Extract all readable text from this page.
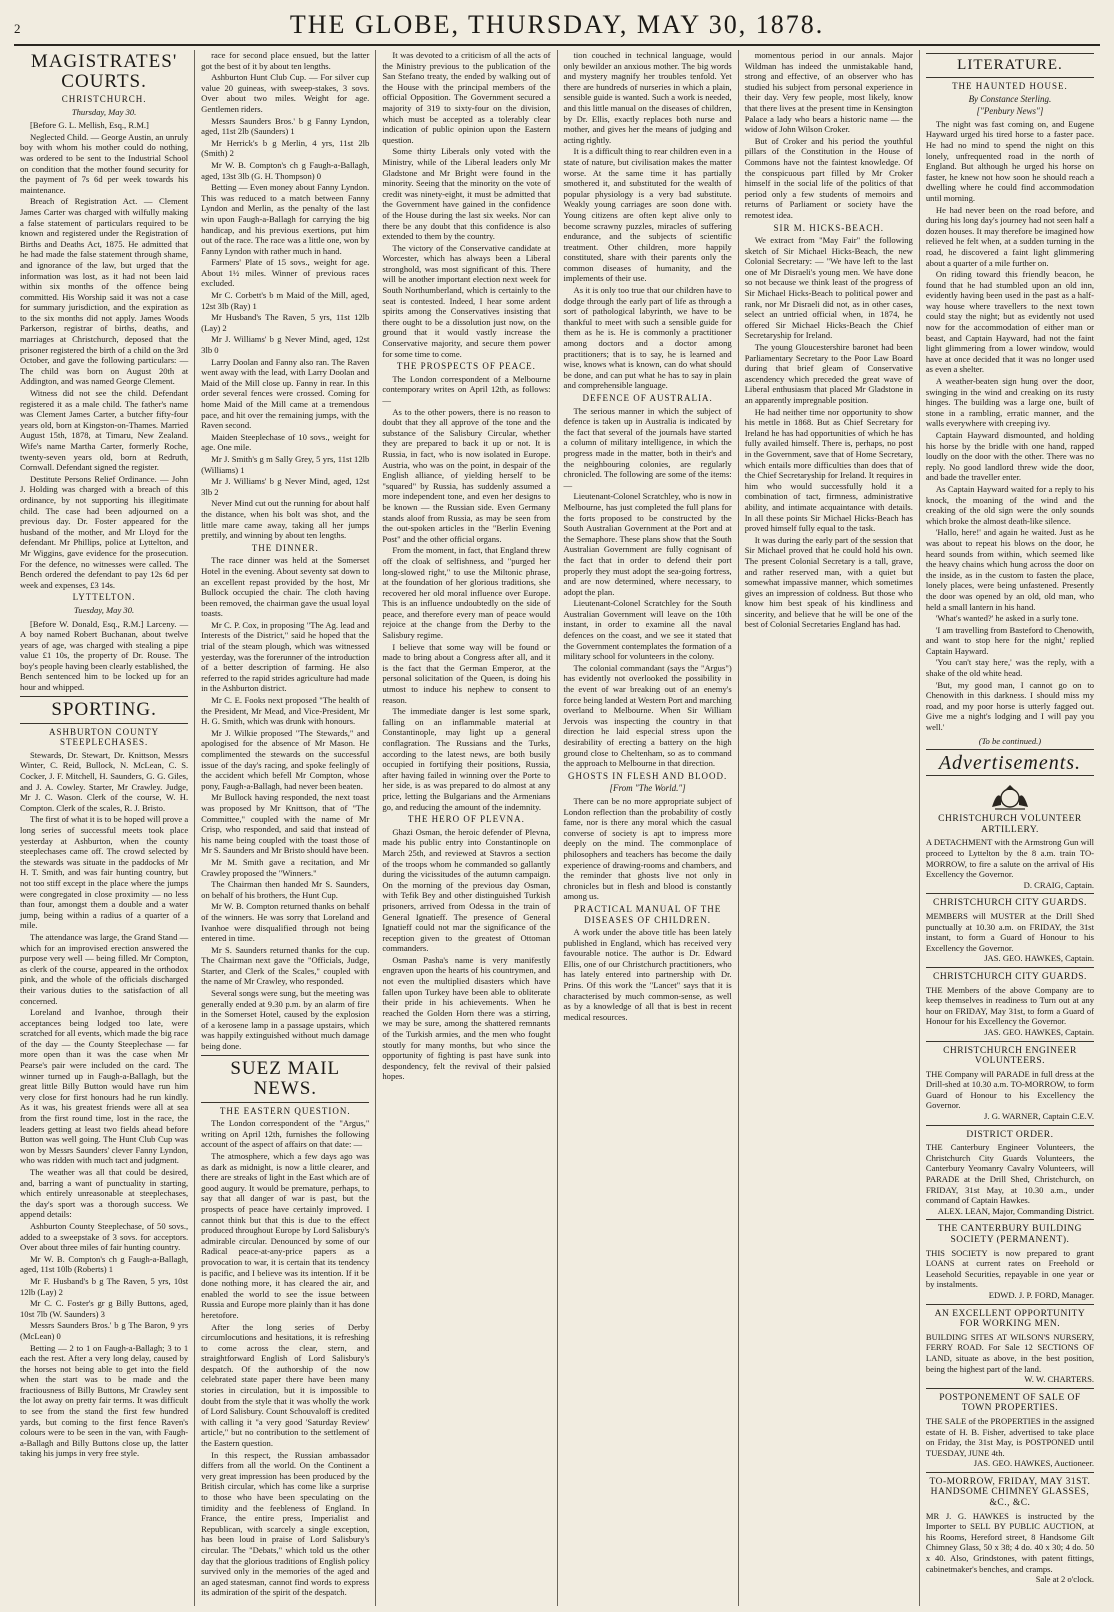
2	THE GLOBE, THURSDAY, MAY 30, 1878.
MAGISTRATES' COURTS.
CHRISTCHURCH.
Thursday, May 30.

[Before G. L. Mellish, Esq., R.M.]

Neglected Child. — George Austin, an unruly boy with whom his mother could do nothing, was ordered to be sent to the Industrial School on condition that the mother found security for the payment of 7s 6d per week towards his maintenance.

Breach of Registration Act. — Clement James Carter was charged with wilfully making a false statement of particulars required to be known and registered under the Registration of Births and Deaths Act, 1875. He admitted that he had made the false statement through shame, and ignorance of the law, but urged that the information was lost, as it had not been laid within six months of the offence being committed. His Worship said it was not a case for summary jurisdiction, and the expiration as to the six months did not apply. James Woods Parkerson, registrar of births, deaths, and marriages at Christchurch, deposed that the prisoner registered the birth of a child on the 3rd October, and gave the following particulars: — The child was born on August 20th at Addington, and was named George Clement.

Witness did not see the child. Defendant registered it as a male child. The father's name was Clement James Carter, a butcher fifty-four years old, born at Kingston-on-Thames. Married August 15th, 1878, at Timaru, New Zealand. Wife's name Martha Carter, formerly Roche, twenty-seven years old, born at Redruth, Cornwall. Defendant signed the register.

Destitute Persons Relief Ordinance. — John J. Holding was charged with a breach of this ordinance, by not supporting his illegitimate child. The case had been adjourned on a previous day. Dr. Foster appeared for the husband of the mother, and Mr Lloyd for the defendant. Mr Phillips, police at Lyttelton, and Mr Wiggins, gave evidence for the prosecution. For the defence, no witnesses were called. The Bench ordered the defendant to pay 12s 6d per week and expenses, £3 14s.

LYTTELTON.
Tuesday, May 30.

[Before W. Donald, Esq., R.M.] Larceny. — A boy named Robert Buchanan, about twelve years of age, was charged with stealing a pipe value £1 10s, the property of Dr. Rouse. The boy's people having been clearly established, the Bench sentenced him to be locked up for an hour and whipped.

SPORTING.
ASHBURTON COUNTY STEEPLECHASES.

Stewards, Dr. Stewart, Dr. Knittson, Messrs Winter, C. Reid, Bullock, N. McLean, C. S. Cocker, J. F. Mitchell, H. Saunders, G. G. Giles, and J. A. Cowley. Starter, Mr Crawley. Judge, Mr J. C. Wason. Clerk of the course, W. H. Compton. Clerk of the scales, R. J. Bristo.

The first of what it is to be hoped will prove a long series of successful meets took place yesterday at Ashburton, when the county steeplechases came off. The crowd selected by the stewards was situate in the paddocks of Mr H. T. Smith, and was fair hunting country, but not too stiff except in the place where the jumps were congregated in close proximity — no less than four, amongst them a double and a water jump, being within a radius of a quarter of a mile.

The attendance was large, the Grand Stand — which for an improvised erection answered the purpose very well — being filled. Mr Compton, as clerk of the course, appeared in the orthodox pink, and the whole of the officials discharged their various duties to the satisfaction of all concerned.

Loreland and Ivanhoe, through their acceptances being lodged too late, were scratched for all events, which made the big race of the day — the County Steeplechase — far more open than it was the case when Mr Pearse's pair were included on the card. The winner turned up in Faugh-a-Ballagh, but the great little Billy Button would have run him very close for first honours had he run kindly. As it was, his greatest friends were all at sea from the first round time, lost in the race, the leaders getting at least two fields ahead before Button was well going. The Hunt Club Cup was won by Messrs Saunders' clever Fanny Lyndon, who was ridden with much tact and judgment.

The weather was all that could be desired, and, barring a want of punctuality in starting, which entirely unreasonable at steeplechases, the day's sport was a thorough success. We append details:

Ashburton County Steeplechase, of 50 sovs., added to a sweepstake of 3 sovs. for acceptors. Over about three miles of fair hunting country.

Mr W. B. Compton's ch g Faugh-a-Ballagh, aged, 11st 10lb (Roberts) 1

Mr F. Husband's b g The Raven, 5 yrs, 10st 12lb (Lay) 2

Mr C. C. Foster's gr g Billy Buttons, aged, 10st 7lb (W. Saunders) 3

Messrs Saunders Bros.' b g The Baron, 9 yrs (McLean) 0

Betting — 2 to 1 on Faugh-a-Ballagh; 3 to 1 each the rest. After a very long delay, caused by the horses not being able to get into the field when the start was to be made and the fractiousness of Billy Buttons, Mr Crawley sent the lot away on pretty fair terms. It was difficult to see from the stand the first few hundred yards, but coming to the first fence Raven's colours were to be seen in the van, with Faugh-a-Ballagh and Billy Buttons close up, the latter taking his jumps in very free style.

race for second place ensued, but the latter got the best of it by about ten lengths.

Ashburton Hunt Club Cup. — For silver cup value 20 guineas, with sweep-stakes, 3 sovs. Over about two miles. Weight for age. Gentlemen riders.

Messrs Saunders Bros.' b g Fanny Lyndon, aged, 11st 2lb (Saunders) 1

Mr Herrick's b g Merlin, 4 yrs, 11st 2lb (Smith) 2

Mr W. B. Compton's ch g Faugh-a-Ballagh, aged, 13st 3lb (G. H. Thompson) 0

Betting — Even money about Fanny Lyndon. This was reduced to a match between Fanny Lyndon and Merlin, as the penalty of the last win upon Faugh-a-Ballagh for carrying the big handicap, and his previous exertions, put him out of the race. The race was a little one, won by Fanny Lyndon with rather much in hand.

Farmers' Plate of 15 sovs., weight for age. About 1½ miles. Winner of previous races excluded.

Mr C. Corbett's b m Maid of the Mill, aged, 12st 3lb (Ray) 1

Mr Husband's The Raven, 5 yrs, 11st 12lb (Lay) 2

Mr J. Williams' b g Never Mind, aged, 12st 3lb 0

Larry Doolan and Fanny also ran. The Raven went away with the lead, with Larry Doolan and Maid of the Mill close up. Fanny in rear. In this order several fences were crossed. Coming for home Maid of the Mill came at a tremendous pace, and hit over the remaining jumps, with the Raven second.

Maiden Steeplechase of 10 sovs., weight for age. One mile.

Mr J. Smith's g m Sally Grey, 5 yrs, 11st 12lb (Williams) 1

Mr J. Williams' b g Never Mind, aged, 12st 3lb 2

Never Mind cut out the running for about half the distance, when his bolt was shot, and the little mare came away, taking all her jumps prettily, and winning by about ten lengths.

THE DINNER.

The race dinner was held at the Somerset Hotel in the evening. About seventy sat down to an excellent repast provided by the host, Mr Bullock occupied the chair. The cloth having been removed, the chairman gave the usual loyal toasts.

Mr C. P. Cox, in proposing "The Ag. lead and Interests of the District," said he hoped that the trial of the steam plough, which was witnessed yesterday, was the forerunner of the introduction of a better description of farming. He also referred to the rapid strides agriculture had made in the Ashburton district.

Mr C. E. Fooks next proposed "The health of the President, Mr Mead, and Vice-President, Mr H. G. Smith, which was drunk with honours.

Mr J. Wilkie proposed "The Stewards," and apologised for the absence of Mr Mason. He complimented the stewards on the successful issue of the day's racing, and spoke feelingly of the accident which befell Mr Compton, whose pony, Faugh-a-Ballagh, had never been beaten.

Mr Bullock having responded, the next toast was proposed by Mr Knittson, that of "The Committee," coupled with the name of Mr Crisp, who responded, and said that instead of his name being coupled with the toast those of Mr S. Saunders and Mr Bristo should have been.

Mr M. Smith gave a recitation, and Mr Crawley proposed the "Winners."

The Chairman then handed Mr S. Saunders, on behalf of his brothers, the Hunt Cup.

Mr W. B. Compton returned thanks on behalf of the winners. He was sorry that Loreland and Ivanhoe were disqualified through not being entered in time.

Mr S. Saunders returned thanks for the cup. The Chairman next gave the "Officials, Judge, Starter, and Clerk of the Scales," coupled with the name of Mr Crawley, who responded.

Several songs were sung, but the meeting was generally ended at 9.30 p.m. by an alarm of fire in the Somerset Hotel, caused by the explosion of a kerosene lamp in a passage upstairs, which was happily extinguished without much damage being done.

SUEZ MAIL NEWS.
THE EASTERN QUESTION.

The London correspondent of the "Argus," writing on April 12th, furnishes the following account of the aspect of affairs on that date: —

The atmosphere, which a few days ago was as dark as midnight, is now a little clearer, and there are streaks of light in the East which are of good augury. It would be premature, perhaps, to say that all danger of war is past, but the prospects of peace have certainly improved. I cannot think but that this is due to the effect produced throughout Europe by Lord Salisbury's admirable circular. Denounced by some of our Radical peace-at-any-price papers as a provocation to war, it is certain that its tendency is pacific, and I believe was its intention. If it be done nothing more, it has cleared the air, and enabled the world to see the issue between Russia and Europe more plainly than it has done heretofore.

After the long series of Derby circumlocutions and hesitations, it is refreshing to come across the clear, stern, and straightforward English of Lord Salisbury's despatch. Of the authorship of the now celebrated state paper there have been many stories in circulation, but it is impossible to doubt from the style that it was wholly the work of Lord Salisbury. Count Schouvaloff is credited with calling it "a very good 'Saturday Review' article," but no contribution to the settlement of the Eastern question.

In this respect, the Russian ambassador differs from all the world. On the Continent a very great impression has been produced by the British circular, which has come like a surprise to those who have been speculating on the timidity and the feebleness of England. In France, the entire press, Imperialist and Republican, with scarcely a single exception, has been loud in praise of Lord Salisbury's circular. The "Debats," which told us the other day that the glorious traditions of English policy survived only in the memories of the aged and an aged statesman, cannot find words to express its admiration of the spirit of the despatch.

It was devoted to a criticism of all the acts of the Ministry previous to the publication of the San Stefano treaty, the ended by walking out of the House with the principal members of the official Opposition. The Government secured a majority of 319 to sixty-four on the division, which must be accepted as a tolerably clear indication of public opinion upon the Eastern question.

Some thirty Liberals only voted with the Ministry, while of the Liberal leaders only Mr Gladstone and Mr Bright were found in the minority. Seeing that the minority on the vote of credit was ninety-eight, it must be admitted that the Government have gained in the confidence of the House during the last six weeks. Nor can there be any doubt that this confidence is also extended to them by the country.

The victory of the Conservative candidate at Worcester, which has always been a Liberal stronghold, was most significant of this. There will be another important election next week for South Northumberland, which is certainly to the seat is contested. Indeed, I hear some ardent spirits among the Conservatives insisting that there ought to be a dissolution just now, on the ground that it would vastly increase the Conservative majority, and secure them power for some time to come.

THE PROSPECTS OF PEACE.

The London correspondent of a Melbourne contemporary writes on April 12th, as follows: —

As to the other powers, there is no reason to doubt that they all approve of the tone and the substance of the Salisbury Circular, whether they are prepared to back it up or not. It is Russia, in fact, who is now isolated in Europe. Austria, who was on the point, in despair of the English alliance, of yielding herself to be "squared" by Russia, has suddenly assumed a more independent tone, and even her designs to be known — the Russian side. Even Germany stands aloof from Russia, as may be seen from the out-spoken articles in the "Berlin Evening Post" and the other official organs.

From the moment, in fact, that England threw off the cloak of selfishness, and "purged her long-slowed right," to use the Miltonic phrase, at the foundation of her glorious traditions, she recovered her old moral influence over Europe. This is an influence undoubtedly on the side of peace, and therefore every man of peace would rejoice at the change from the Derby to the Salisbury regime.

I believe that some way will be found or made to bring about a Congress after all, and it is the fact that the German Emperor, at the personal solicitation of the Queen, is doing his utmost to induce his nephew to consent to reason.

The immediate danger is lest some spark, falling on an inflammable material at Constantinople, may light up a general conflagration. The Russians and the Turks, according to the latest news, are both busily occupied in fortifying their positions, Russia, after having failed in winning over the Porte to her side, is as was prepared to do almost at any price, letting the Bulgarians and the Armenians go, and reducing the amount of the indemnity.

THE HERO OF PLEVNA.

Ghazi Osman, the heroic defender of Plevna, made his public entry into Constantinople on March 25th, and reviewed at Stavros a section of the troops whom he commanded so gallantly during the vicissitudes of the autumn campaign. On the morning of the previous day Osman, with Tefik Bey and other distinguished Turkish prisoners, arrived from Odessa in the train of General Ignatieff. The presence of General Ignatieff could not mar the significance of the reception given to the greatest of Ottoman commanders.

Osman Pasha's name is very manifestly engraven upon the hearts of his countrymen, and not even the multiplied disasters which have fallen upon Turkey have been able to obliterate their pride in his achievements. When he reached the Golden Horn there was a stirring, we may be sure, among the shattered remnants of the Turkish armies, and the men who fought stoutly for many months, but who since the opportunity of fighting is past have sunk into despondency, felt the revival of their palsied hopes.

tion couched in technical language, would only bewilder an anxious mother. The big words and mystery magnify her troubles tenfold. Yet there are hundreds of nurseries in which a plain, sensible guide is wanted. Such a work is needed, and this little manual on the diseases of children, by Dr. Ellis, exactly replaces both nurse and mother, and gives her the means of judging and acting rightly.

It is a difficult thing to rear children even in a state of nature, but civilisation makes the matter worse. At the same time it has partially smothered it, and substituted for the wealth of popular physiology is a very bad substitute. Weakly young carriages are soon done with. Young citizens are often kept alive only to become scrawny puzzles, miracles of suffering endurance, and the subjects of scientific treatment. Other children, more happily constituted, share with their parents only the common diseases of humanity, and the implements of their use.

As it is only too true that our children have to dodge through the early part of life as through a sort of pathological labyrinth, we have to be thankful to meet with such a sensible guide for them as he is. He is commonly a practitioner among doctors and a doctor among practitioners; that is to say, he is learned and wise, knows what is known, can do what should be done, and can put what he has to say in plain and comprehensible language.

DEFENCE OF AUSTRALIA.

The serious manner in which the subject of defence is taken up in Australia is indicated by the fact that several of the journals have started a column of military intelligence, in which the progress made in the matter, both in their's and the neighbouring colonies, are regularly chronicled. The following are some of the items: —

Lieutenant-Colonel Scratchley, who is now in Melbourne, has just completed the full plans for the forts proposed to be constructed by the South Australian Government at the Port and at the Semaphore. These plans show that the South Australian Government are fully cognisant of the fact that in order to defend their port properly they must adopt the sea-going fortress, and are now determined, where necessary, to adopt the plan.

Lieutenant-Colonel Scratchley for the South Australian Government will leave on the 10th instant, in order to examine all the naval defences on the coast, and we see it stated that the Government contemplates the formation of a military school for volunteers in the colony.

The colonial commandant (says the "Argus") has evidently not overlooked the possibility in the event of war breaking out of an enemy's force being landed at Western Port and marching overland to Melbourne. When Sir William Jervois was inspecting the country in that direction he laid especial stress upon the desirability of erecting a battery on the high ground close to Cheltenham, so as to command the approach to Melbourne in that direction.

GHOSTS IN FLESH AND BLOOD.
[From "The World."]

There can be no more appropriate subject of London reflection than the probability of costly fame, nor is there any moral which the casual converse of society is apt to impress more deeply on the mind. The commonplace of philosophers and teachers has become the daily experience of drawing-rooms and chambers, and the reminder that ghosts live not only in chronicles but in flesh and blood is constantly among us.

PRACTICAL MANUAL OF THE DISEASES OF CHILDREN.

A work under the above title has been lately published in England, which has received very favourable notice. The author is Dr. Edward Ellis, one of our Christchurch practitioners, who has lately entered into partnership with Dr. Prins. Of this work the "Lancet" says that it is characterised by much common-sense, as well as by a knowledge of all that is best in recent medical resources.

momentous period in our annals. Major Wildman has indeed the unmistakable hand, strong and effective, of an observer who has studied his subject from personal experience in their day. Very few people, most likely, know that there lives at the present time in Kensington Palace a lady who bears a historic name — the widow of John Wilson Croker.

But of Croker and his period the youthful pillars of the Constitution in the House of Commons have not the faintest knowledge. Of the conspicuous part filled by Mr Croker himself in the social life of the politics of that period only a few students of memoirs and returns of Parliament or society have the remotest idea.

SIR M. HICKS-BEACH.

We extract from "May Fair" the following sketch of Sir Michael Hicks-Beach, the new Colonial Secretary: — "We have left to the last one of Mr Disraeli's young men. We have done so not because we think least of the progress of Sir Michael Hicks-Beach to political power and rank, nor Mr Disraeli did not, as in other cases, select an untried official when, in 1874, he offered Sir Michael Hicks-Beach the Chief Secretaryship for Ireland.

The young Gloucestershire baronet had been Parliamentary Secretary to the Poor Law Board during that brief gleam of Conservative ascendency which preceded the great wave of Liberal enthusiasm that placed Mr Gladstone in an apparently impregnable position.

He had neither time nor opportunity to show his mettle in 1868. But as Chief Secretary for Ireland he has had opportunities of which he has fully availed himself. There is, perhaps, no post in the Government, save that of Home Secretary, which entails more difficulties than does that of the Chief Secretaryship for Ireland. It requires in him who would successfully hold it a combination of tact, firmness, administrative ability, and intimate acquaintance with details. In all these points Sir Michael Hicks-Beach has proved himself fully equal to the task.

It was during the early part of the session that Sir Michael proved that he could hold his own. The present Colonial Secretary is a tall, grave, and rather reserved man, with a quiet but somewhat impassive manner, which sometimes gives an impression of coldness. But those who know him best speak of his kindliness and sincerity, and believe that he will be one of the best of Colonial Secretaries England has had.

LITERATURE.
THE HAUNTED HOUSE.
By Constance Sterling.
["Penbury News"]

The night was fast coming on, and Eugene Hayward urged his tired horse to a faster pace. He had no mind to spend the night on this lonely, unfrequented road in the north of England. But although he urged his horse on faster, he knew not how soon he should reach a dwelling where he could find accommodation until morning.

He had never been on the road before, and during his long day's journey had not seen half a dozen houses. It may therefore be imagined how relieved he felt when, at a sudden turning in the road, he discovered a faint light glimmering about a quarter of a mile further on.

On riding toward this friendly beacon, he found that he had stumbled upon an old inn, evidently having been used in the past as a half-way house where travellers to the next town could stay the night; but as evidently not used now for the accommodation of either man or beast, and Captain Hayward, had not the faint light glimmering from a lower window, would have at once decided that it was no longer used as even a shelter.

A weather-beaten sign hung over the door, swinging in the wind and creaking on its rusty hinges. The building was a large one, built of stone in a rambling, erratic manner, and the walls everywhere with creeping ivy.

Captain Hayward dismounted, and holding his horse by the bridle with one hand, rapped loudly on the door with the other. There was no reply. No good landlord threw wide the door, and bade the traveller enter.

As Captain Hayward waited for a reply to his knock, the moaning of the wind and the creaking of the old sign were the only sounds which broke the almost death-like silence.

'Hallo, here!' and again he waited. Just as he was about to repeat his blows on the door, he heard sounds from within, which seemed like the heavy chains which hung across the door on the inside, as in the custom to fasten the place, lonely places, were being unfastened. Presently the door was opened by an old, old man, who held a small lantern in his hand.

'What's wanted?' he asked in a surly tone.

'I am travelling from Basteford to Chenowith, and want to stop here for the night,' replied Captain Hayward.

'You can't stay here,' was the reply, with a shake of the old white head.

'But, my good man, I cannot go on to Chenowith in this darkness. I should miss my road, and my poor horse is utterly fagged out. Give me a night's lodging and I will pay you well.'

(To be continued.)
Advertisements.
CHRISTCHURCH VOLUNTEER ARTILLERY.

A DETACHMENT with the Armstrong Gun will proceed to Lyttelton by the 8 a.m. train TO-MORROW, to fire a salute on the arrival of His Excellency the Governor.

D. CRAIG, Captain.
CHRISTCHURCH CITY GUARDS.

MEMBERS will MUSTER at the Drill Shed punctually at 10.30 a.m. on FRIDAY, the 31st instant, to form a Guard of Honour to his Excellency the Governor.

JAS. GEO. HAWKES, Captain.
CHRISTCHURCH CITY GUARDS.

THE Members of the above Company are to keep themselves in readiness to Turn out at any hour on FRIDAY, May 31st, to form a Guard of Honour for his Excellency the Governor.

JAS. GEO. HAWKES, Captain.
CHRISTCHURCH ENGINEER VOLUNTEERS.

THE Company will PARADE in full dress at the Drill-shed at 10.30 a.m. TO-MORROW, to form Guard of Honour to his Excellency the Governor.

J. G. WARNER, Captain C.E.V.
DISTRICT ORDER.

THE Canterbury Engineer Volunteers, the Christchurch City Guards Volunteers, the Canterbury Yeomanry Cavalry Volunteers, will PARADE at the Drill Shed, Christchurch, on FRIDAY, 31st May, at 10.30 a.m., under command of Captain Hawkes.

ALEX. LEAN, Major, Commanding District.
THE CANTERBURY BUILDING SOCIETY (PERMANENT).

THIS SOCIETY is now prepared to grant LOANS at current rates on Freehold or Leasehold Securities, repayable in one year or by instalments.

EDWD. J. P. FORD, Manager.
AN EXCELLENT OPPORTUNITY FOR WORKING MEN.

BUILDING SITES AT WILSON'S NURSERY, FERRY ROAD. For Sale 12 SECTIONS OF LAND, situate as above, in the best position, being the highest part of the land.

W. W. CHARTERS.
POSTPONEMENT OF SALE OF TOWN PROPERTIES.

THE SALE of the PROPERTIES in the assigned estate of H. B. Fisher, advertised to take place on Friday, the 31st May, is POSTPONED until TUESDAY, JUNE 4th.

JAS. GEO. HAWKES, Auctioneer.
TO-MORROW, FRIDAY, MAY 31ST. HANDSOME CHIMNEY GLASSES, &C., &C.

MR J. G. HAWKES is instructed by the Importer to SELL BY PUBLIC AUCTION, at his Rooms, Hereford street, 8 Handsome Gilt Chimney Glass, 50 x 38; 4 do. 40 x 30; 4 do. 50 x 40. Also, Grindstones, with patent fittings, cabinetmaker's benches, and cramps.

Sale at 2 o'clock.
